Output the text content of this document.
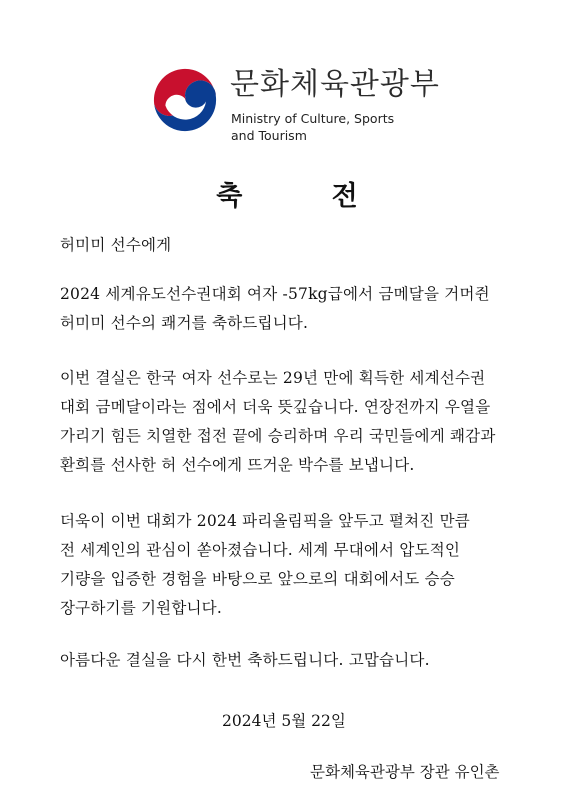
문화체육관광부
Ministry of Culture, Sports
and Tourism
축 전
허미미 선수에게
2024 세계유도선수권대회 여자 -57kg급에서 금메달을 거머쥔
허미미 선수의 쾌거를 축하드립니다.
이번 결실은 한국 여자 선수로는 29년 만에 획득한 세계선수권
대회 금메달이라는 점에서 더욱 뜻깊습니다. 연장전까지 우열을
가리기 힘든 치열한 접전 끝에 승리하며 우리 국민들에게 쾌감과
환희를 선사한 허 선수에게 뜨거운 박수를 보냅니다.
더욱이 이번 대회가 2024 파리올림픽을 앞두고 펼쳐진 만큼
전 세계인의 관심이 쏟아졌습니다. 세계 무대에서 압도적인
기량을 입증한 경험을 바탕으로 앞으로의 대회에서도 승승
장구하기를 기원합니다.
아름다운 결실을 다시 한번 축하드립니다. 고맙습니다.
2024년 5월 22일
문화체육관광부 장관 유인촌
